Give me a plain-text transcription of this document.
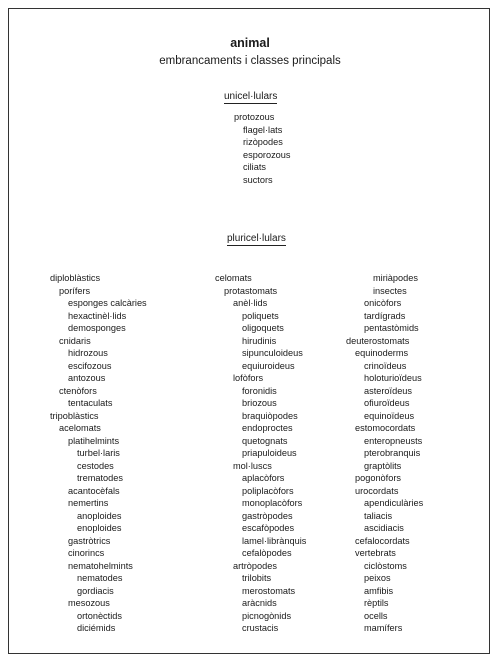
animal
embrancaments i classes principals
unicel·lulars
protozous
flagel·lats
rizòpodes
esporozous
ciliats
suctors
pluricel·lulars
diploblàstics
porífers
esponges calcàries
hexactinèl·lids
demosponges
cnidaris
hidrozous
escifozous
antozous
ctenòfors
tentaculats
tripoblàstics
acelomats
platihelmints
turbel·laris
cestodes
trematodes
acantocèfals
nemertins
anoploides
enoploides
gastròtrics
cinorincs
nematohelmints
nematodes
gordiacis
mesozous
ortonèctids
diciémids
celomats
protastomats
anèl·lids
poliquets
oligoquets
hirudinis
sipunculoideus
equiuroideus
lofòfors
foronidis
briozous
braquiòpodes
endoproctes
quetognats
priapuloideus
mol·luscs
aplacòfors
poliplacòfors
monoplacòfors
gastròpodes
escafòpodes
lamel·librànquis
cefalòpodes
artròpodes
trilobits
merostomats
aràcnids
picnogònids
crustacis
miriàpodes
insectes
onicòfors
tardígrads
pentastòmids
deuterostomats
equinoderms
crinoïdeus
holoturioïdeus
asteroïdeus
ofiuroïdeus
equinoïdeus
estomocordats
enteropneusts
pterobranquis
graptòlits
pogonòfors
urocordats
apendiculàries
taliacis
ascidiacis
cefalocordats
vertebrats
ciclòstoms
peixos
amfibis
rèptils
ocells
mamífers
